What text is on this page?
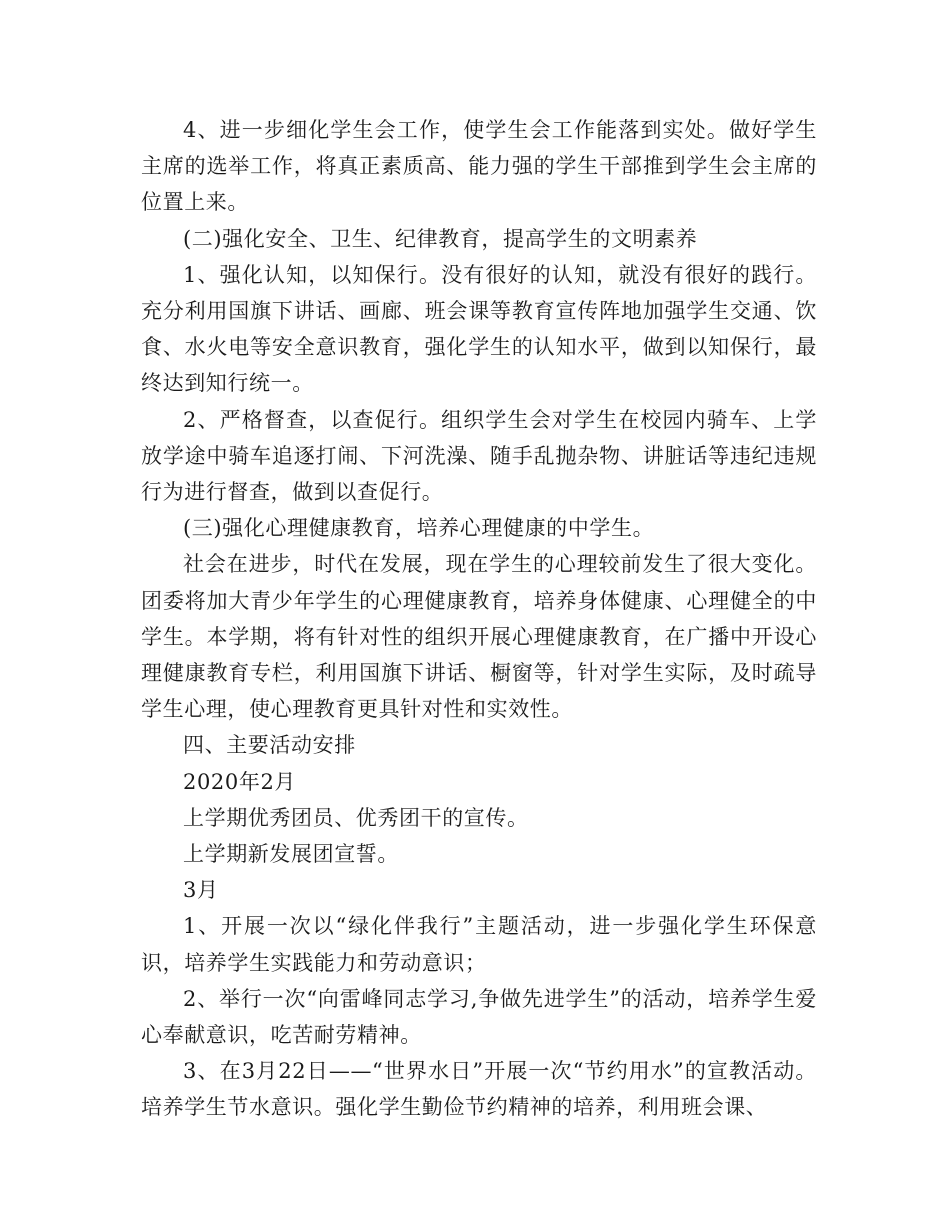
4、进一步细化学生会工作，使学生会工作能落到实处。做好学生主席的选举工作，将真正素质高、能力强的学生干部推到学生会主席的位置上来。

(二)强化安全、卫生、纪律教育，提高学生的文明素养

1、强化认知，以知保行。没有很好的认知，就没有很好的践行。充分利用国旗下讲话、画廊、班会课等教育宣传阵地加强学生交通、饮食、水火电等安全意识教育，强化学生的认知水平，做到以知保行，最终达到知行统一。

2、严格督查，以查促行。组织学生会对学生在校园内骑车、上学放学途中骑车追逐打闹、下河洗澡、随手乱抛杂物、讲脏话等违纪违规行为进行督查，做到以查促行。

(三)强化心理健康教育，培养心理健康的中学生。

社会在进步，时代在发展，现在学生的心理较前发生了很大变化。团委将加大青少年学生的心理健康教育，培养身体健康、心理健全的中学生。本学期，将有针对性的组织开展心理健康教育，在广播中开设心理健康教育专栏，利用国旗下讲话、橱窗等，针对学生实际，及时疏导学生心理，使心理教育更具针对性和实效性。

四、主要活动安排

2020年2月

上学期优秀团员、优秀团干的宣传。

上学期新发展团宣誓。

3月

1、开展一次以“绿化伴我行”主题活动，进一步强化学生环保意识，培养学生实践能力和劳动意识；

2、举行一次“向雷峰同志学习,争做先进学生”的活动，培养学生爱心奉献意识，吃苦耐劳精神。

3、在3月22日——“世界水日”开展一次“节约用水”的宣教活动。培养学生节水意识。强化学生勤俭节约精神的培养，利用班会课、
